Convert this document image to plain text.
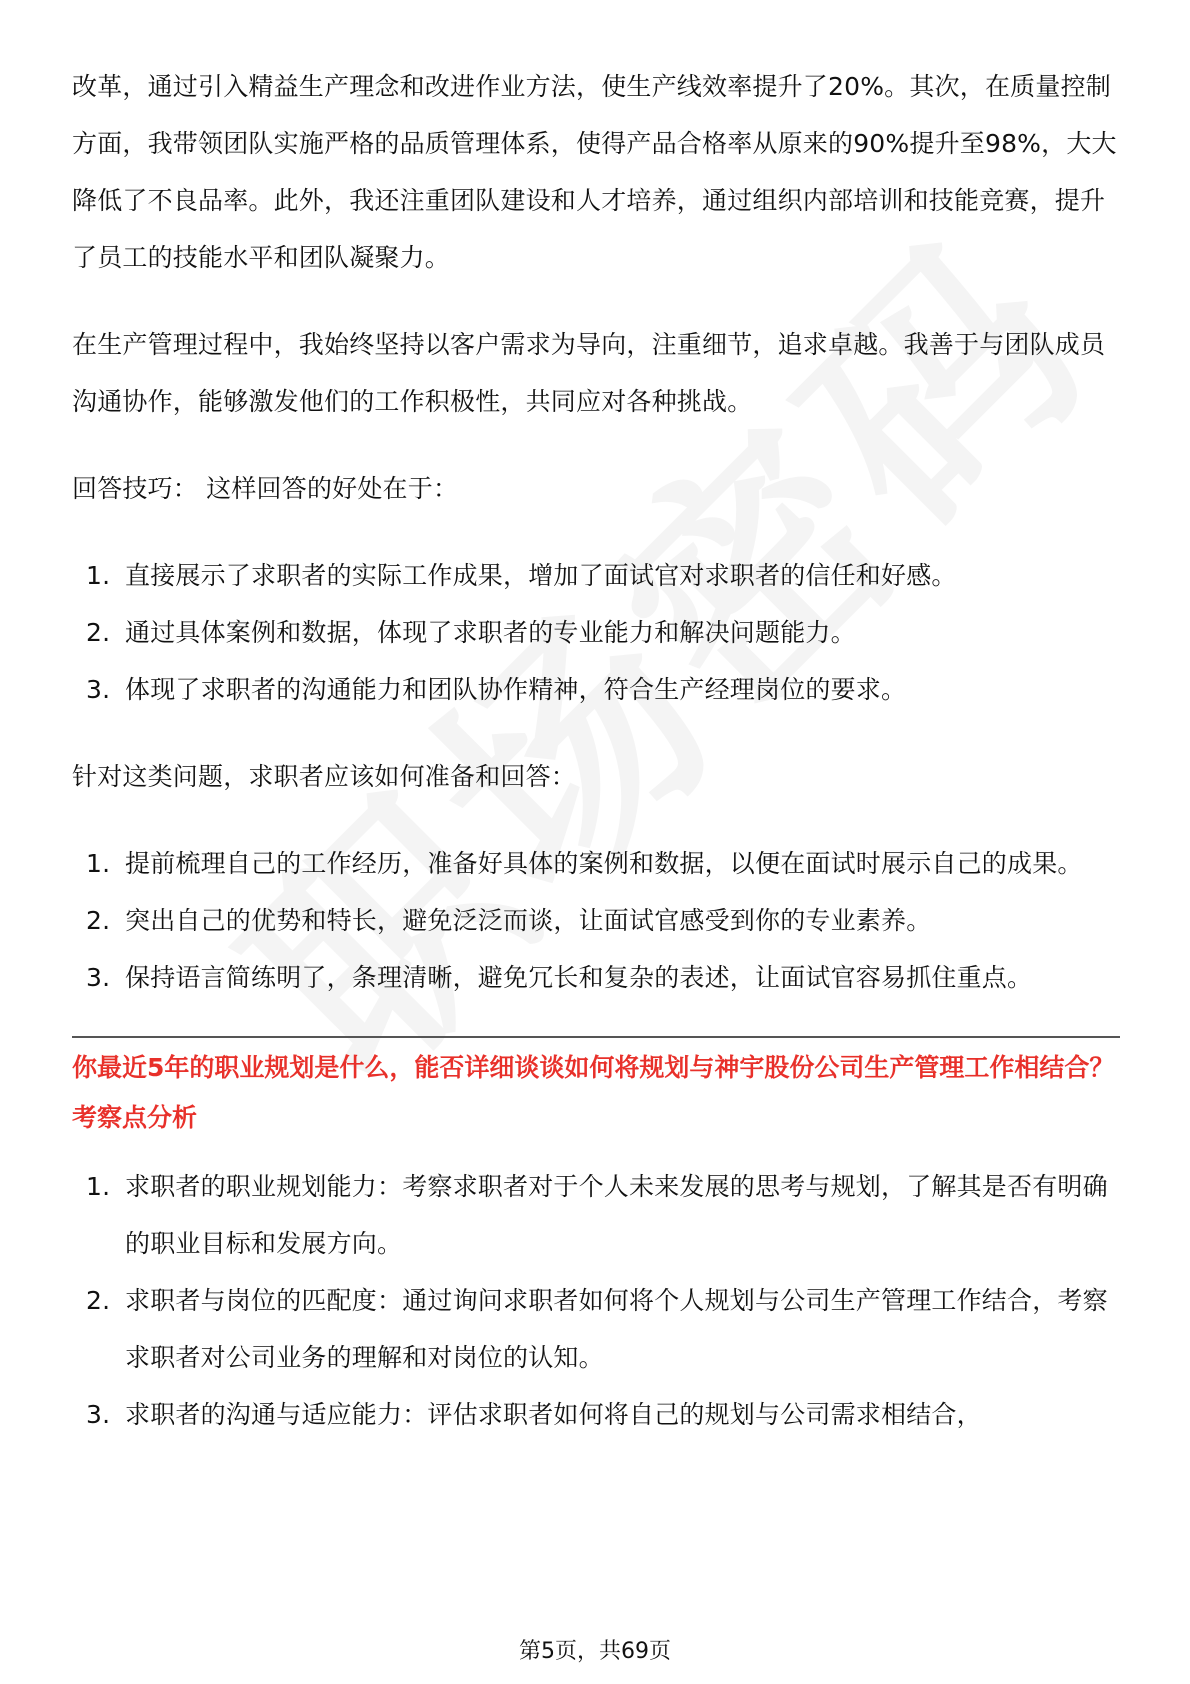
改革，通过引入精益生产理念和改进作业方法，使生产线效率提升了20%。其次，在质量控制方面，我带领团队实施严格的品质管理体系，使得产品合格率从原来的90%提升至98%，大大降低了不良品率。此外，我还注重团队建设和人才培养，通过组织内部培训和技能竞赛，提升了员工的技能水平和团队凝聚力。

在生产管理过程中，我始终坚持以客户需求为导向，注重细节，追求卓越。我善于与团队成员沟通协作，能够激发他们的工作积极性，共同应对各种挑战。

回答技巧： 这样回答的好处在于：

1. 直接展示了求职者的实际工作成果，增加了面试官对求职者的信任和好感。
2. 通过具体案例和数据，体现了求职者的专业能力和解决问题能力。
3. 体现了求职者的沟通能力和团队协作精神，符合生产经理岗位的要求。

针对这类问题，求职者应该如何准备和回答：

1. 提前梳理自己的工作经历，准备好具体的案例和数据，以便在面试时展示自己的成果。
2. 突出自己的优势和特长，避免泛泛而谈，让面试官感受到你的专业素养。
3. 保持语言简练明了，条理清晰，避免冗长和复杂的表述，让面试官容易抓住重点。
你最近5年的职业规划是什么，能否详细谈谈如何将规划与神宇股份公司生产管理工作相结合？
考察点分析
1. 求职者的职业规划能力：考察求职者对于个人未来发展的思考与规划，了解其是否有明确的职业目标和发展方向。
2. 求职者与岗位的匹配度：通过询问求职者如何将个人规划与公司生产管理工作结合，考察求职者对公司业务的理解和对岗位的认知。
3. 求职者的沟通与适应能力：评估求职者如何将自己的规划与公司需求相结合，
第5页，共69页
